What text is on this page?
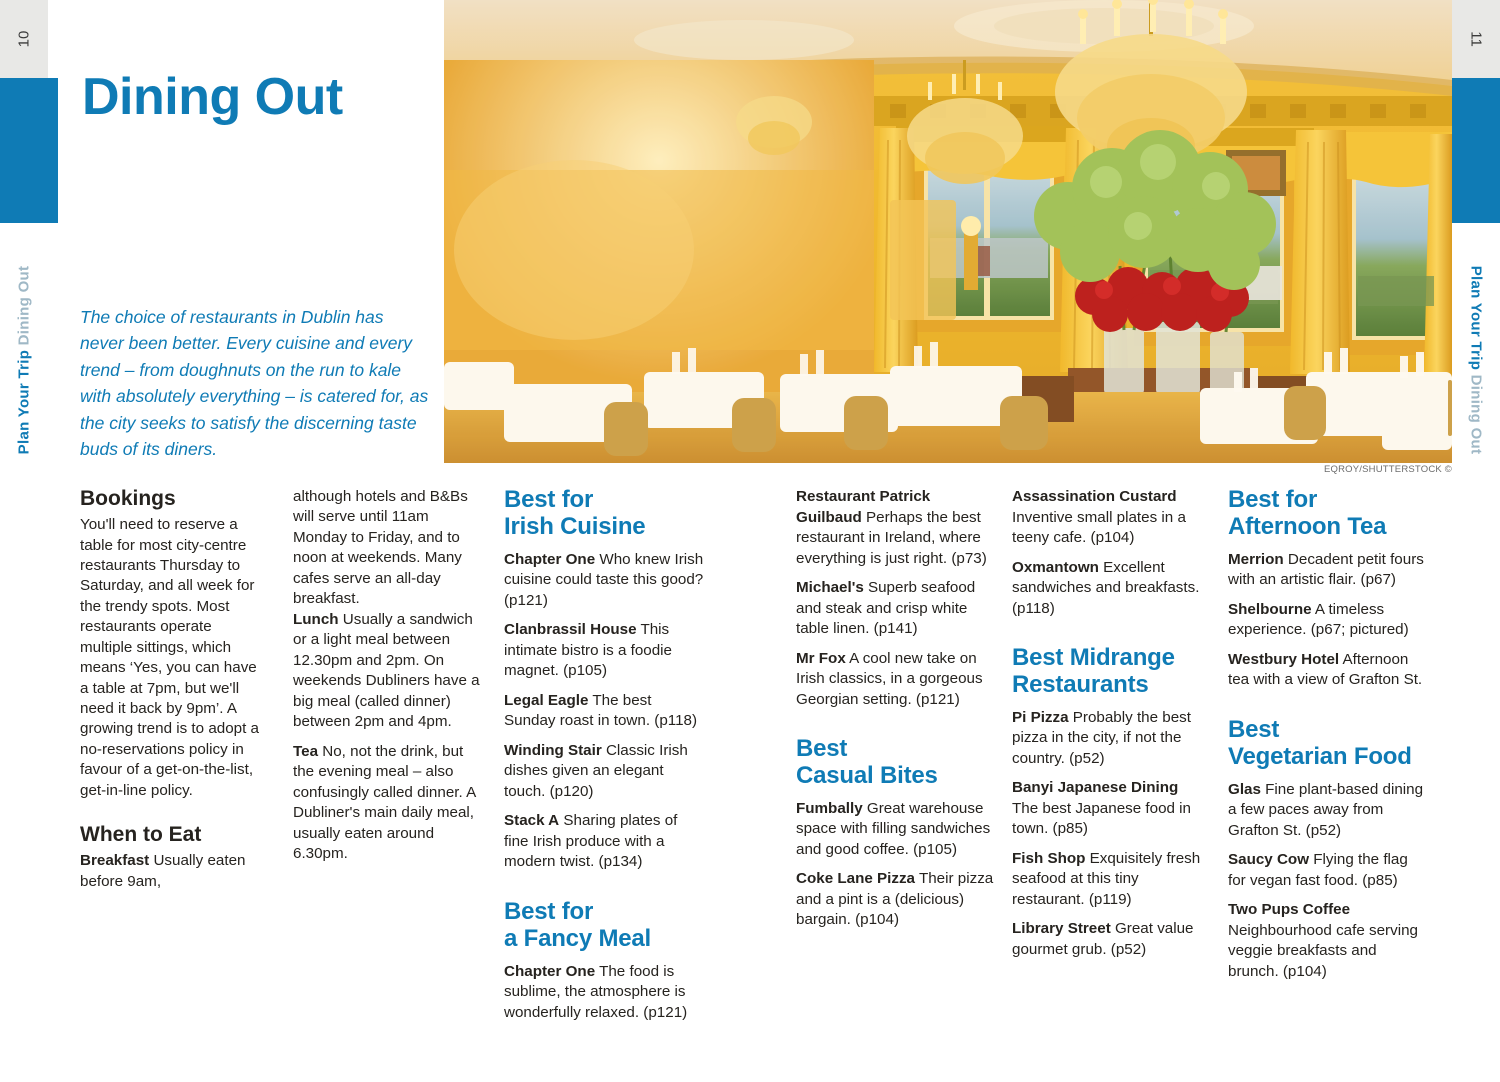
10
Plan Your Trip Dining Out
11
Plan Your Trip Dining Out
Dining Out

The choice of restaurants in Dublin has never been better. Every cuisine and every trend – from doughnuts on the run to kale with absolutely everything – is catered for, as the city seeks to satisfy the discerning taste buds of its diners.

EQROY/SHUTTERSTOCK ©
Bookings

You'll need to reserve a table for most city-centre restaurants Thursday to Saturday, and all week for the trendy spots. Most restaurants operate multiple sittings, which means ‘Yes, you can have a table at 7pm, but we'll need it back by 9pm’. A growing trend is to adopt a no-reservations policy in favour of a get-on-the-list, get-in-line policy.

When to Eat

Breakfast Usually eaten before 9am,

although hotels and B&Bs will serve until 11am Monday to Friday, and to noon at weekends. Many cafes serve an all-day breakfast.

Lunch Usually a sandwich or a light meal between 12.30pm and 2pm. On weekends Dubliners have a big meal (called dinner) between 2pm and 4pm.

Tea No, not the drink, but the evening meal – also confusingly called dinner. A Dubliner's main daily meal, usually eaten around 6.30pm.

Best for
Irish Cuisine

Chapter One Who knew Irish cuisine could taste this good? (p121)

Clanbrassil House This intimate bistro is a foodie magnet. (p105)

Legal Eagle The best Sunday roast in town. (p118)

Winding Stair Classic Irish dishes given an elegant touch. (p120)

Stack A Sharing plates of fine Irish produce with a modern twist. (p134)

Best for
a Fancy Meal

Chapter One The food is sublime, the atmosphere is wonderfully relaxed. (p121)

Restaurant Patrick Guilbaud Perhaps the best restaurant in Ireland, where everything is just right. (p73)

Michael's Superb seafood and steak and crisp white table linen. (p141)

Mr Fox A cool new take on Irish classics, in a gorgeous Georgian setting. (p121)

Best
Casual Bites

Fumbally Great warehouse space with filling sandwiches and good coffee. (p105)

Coke Lane Pizza Their pizza and a pint is a (delicious) bargain. (p104)

Assassination Custard Inventive small plates in a teeny cafe. (p104)

Oxmantown Excellent sandwiches and breakfasts. (p118)

Best Midrange
Restaurants

Pi Pizza Probably the best pizza in the city, if not the country. (p52)

Banyi Japanese Dining The best Japanese food in town. (p85)

Fish Shop Exquisitely fresh seafood at this tiny restaurant. (p119)

Library Street Great value gourmet grub. (p52)

Best for
Afternoon Tea

Merrion Decadent petit fours with an artistic flair. (p67)

Shelbourne A timeless experience. (p67; pictured)

Westbury Hotel Afternoon tea with a view of Grafton St.

Best
Vegetarian Food

Glas Fine plant-based dining a few paces away from Grafton St. (p52)

Saucy Cow Flying the flag for vegan fast food. (p85)

Two Pups Coffee Neighbourhood cafe serving veggie breakfasts and brunch. (p104)
